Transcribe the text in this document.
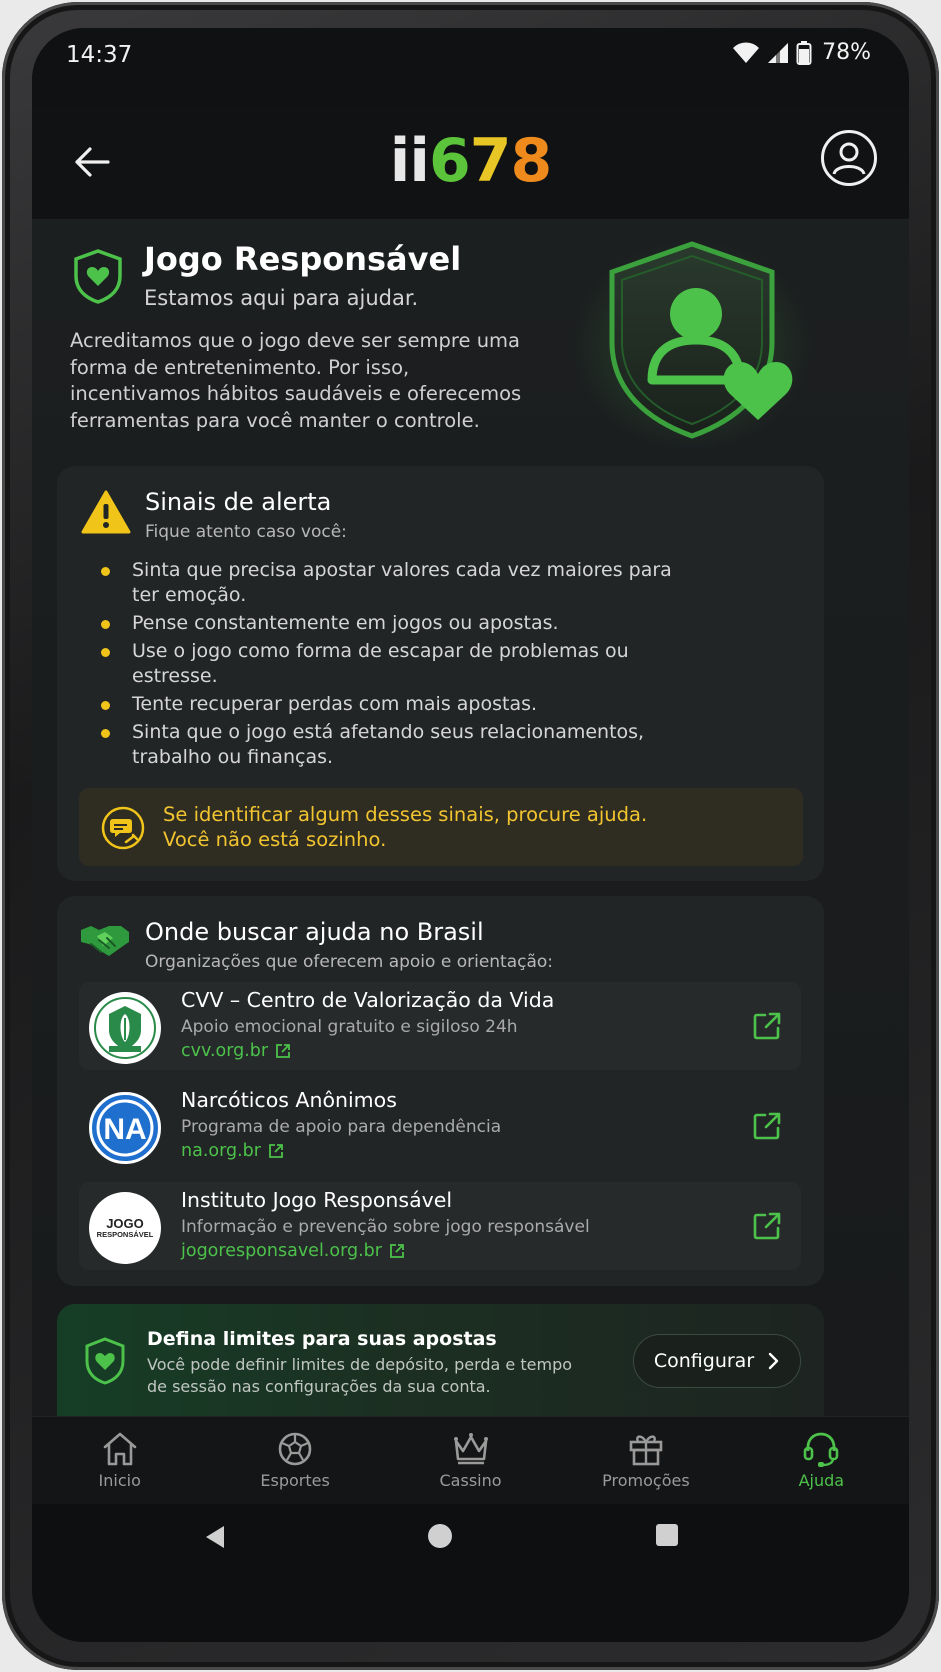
14:37	78%
ii 6 7 8
Jogo Responsável
Estamos aqui para ajudar.
Acreditamos que o jogo deve ser sempre uma forma de entretenimento. Por isso, incentivamos hábitos saudáveis e oferecemos ferramentas para você manter o controle.
Sinais de alerta
Fique atento caso você:
Sinta que precisa apostar valores cada vez maiores para ter emoção.
Pense constantemente em jogos ou apostas.
Use o jogo como forma de escapar de problemas ou estresse.
Tente recuperar perdas com mais apostas.
Sinta que o jogo está afetando seus relacionamentos, trabalho ou finanças.
Se identificar algum desses sinais, procure ajuda.
Você não está sozinho.
Onde buscar ajuda no Brasil
Organizações que oferecem apoio e orientação:
CVV – Centro de Valorização da Vida
Apoio emocional gratuito e sigiloso 24h
cvv.org.br
NA
Narcóticos Anônimos
Programa de apoio para dependência
na.org.br
JOGO
RESPONSÁVEL
Instituto Jogo Responsável
Informação e prevenção sobre jogo responsável
jogoresponsavel.org.br
Defina limites para suas apostas
Você pode definir limites de depósito, perda e tempo de sessão nas configurações da sua conta.
Configurar
Inicio	Esportes	Cassino	Promoções	Ajuda
